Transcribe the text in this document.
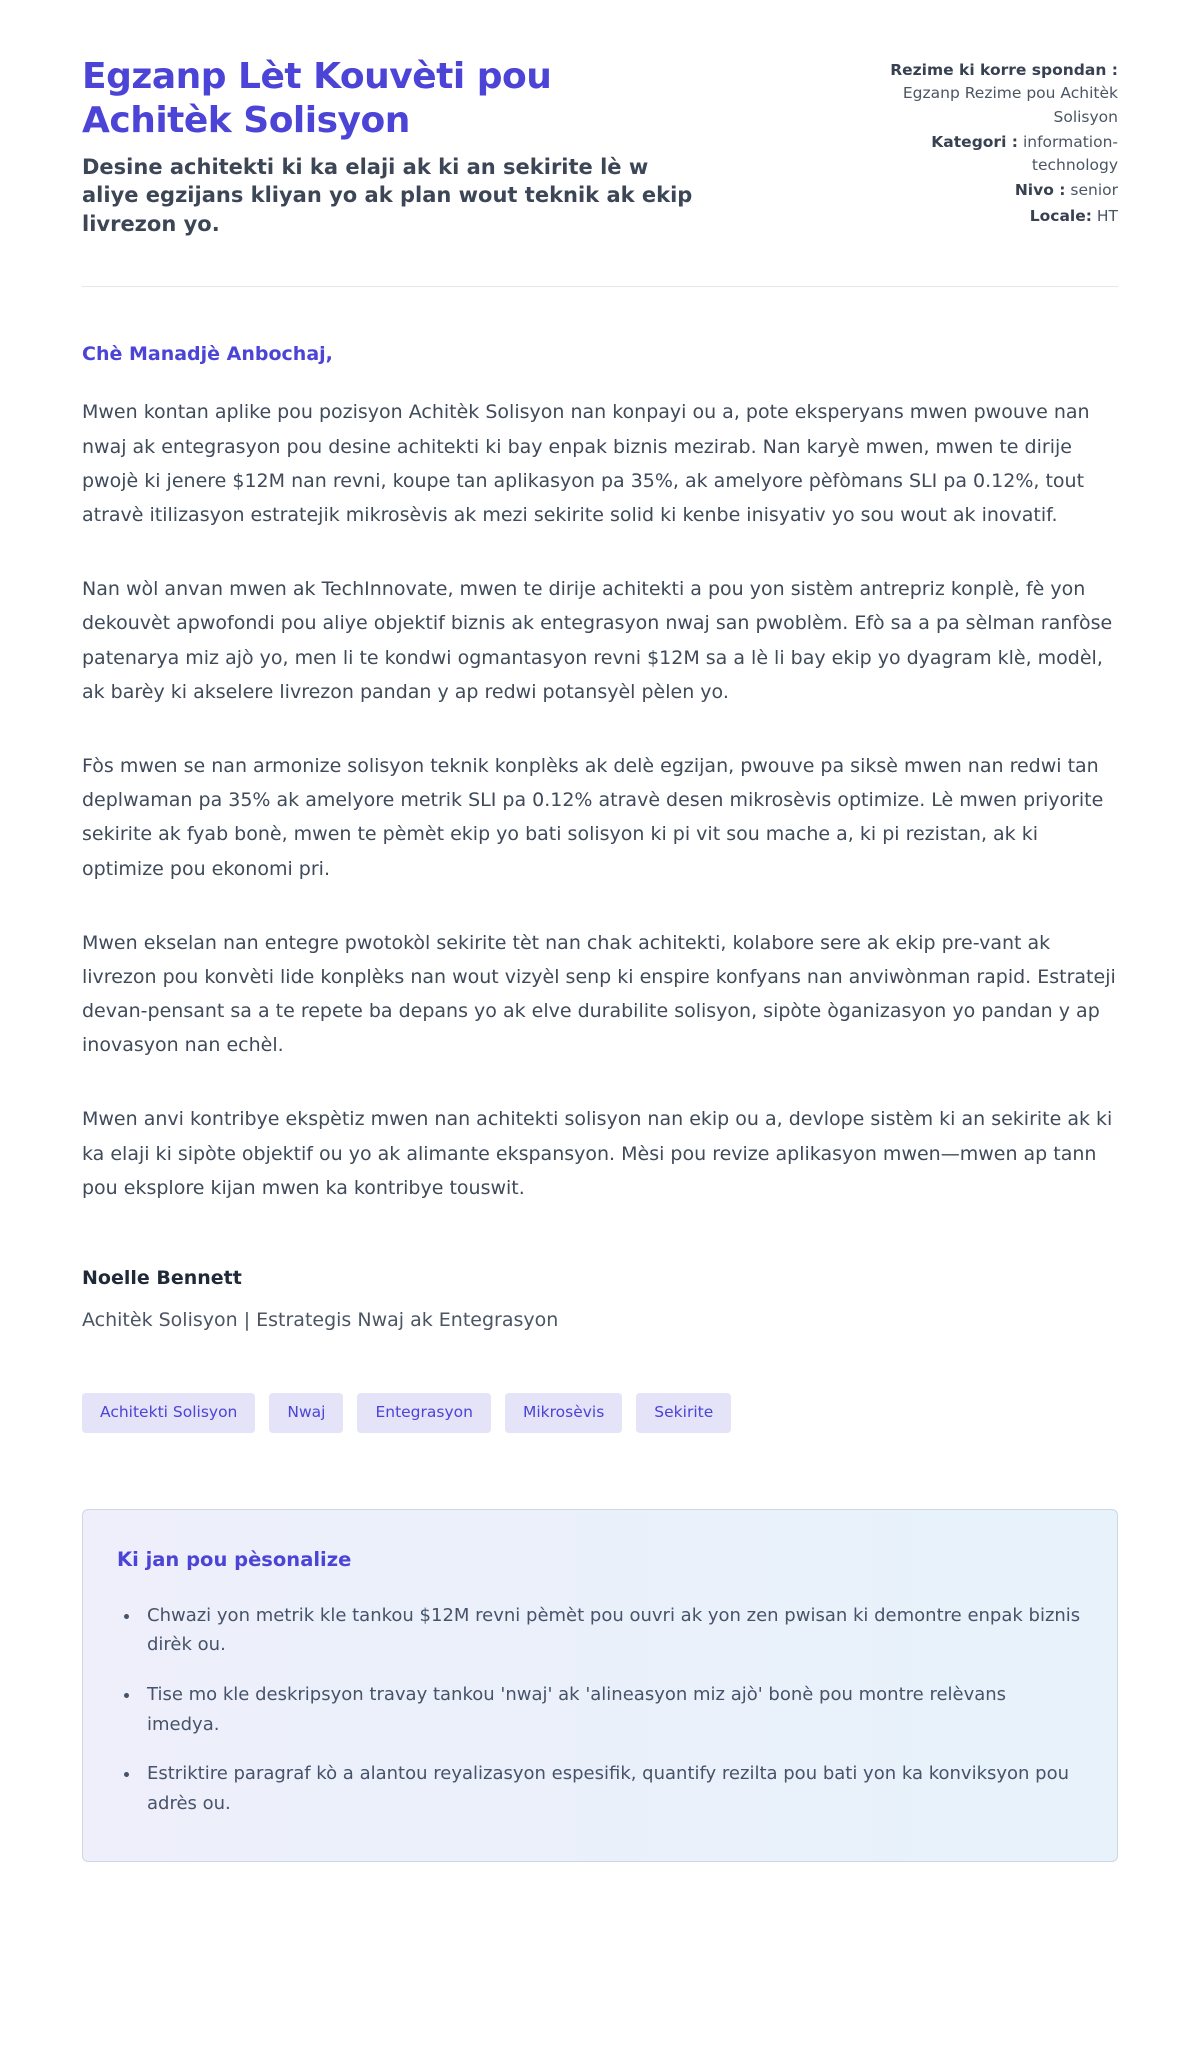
Egzanp Lèt Kouvèti pou Achitèk Solisyon

Desine achitekti ki ka elaji ak ki an sekirite lè w aliye egzijans kliyan yo ak plan wout teknik ak ekip livrezon yo.

Rezime ki korre spondan : Egzanp Rezime pou Achitèk Solisyon

Kategori : information-technology

Nivo : senior

Locale: HT

Chè Manadjè Anbochaj,

Mwen kontan aplike pou pozisyon Achitèk Solisyon nan konpayi ou a, pote eksperyans mwen pwouve nan nwaj ak entegrasyon pou desine achitekti ki bay enpak biznis mezirab. Nan karyè mwen, mwen te dirije pwojè ki jenere $12M nan revni, koupe tan aplikasyon pa 35%, ak amelyore pèfòmans SLI pa 0.12%, tout atravè itilizasyon estratejik mikrosèvis ak mezi sekirite solid ki kenbe inisyativ yo sou wout ak inovatif.

Nan wòl anvan mwen ak TechInnovate, mwen te dirije achitekti a pou yon sistèm antrepriz konplè, fè yon dekouvèt apwofondi pou aliye objektif biznis ak entegrasyon nwaj san pwoblèm. Efò sa a pa sèlman ranfòse patenarya miz ajò yo, men li te kondwi ogmantasyon revni $12M sa a lè li bay ekip yo dyagram klè, modèl, ak barèy ki akselere livrezon pandan y ap redwi potansyèl pèlen yo.

Fòs mwen se nan armonize solisyon teknik konplèks ak delè egzijan, pwouve pa siksè mwen nan redwi tan deplwaman pa 35% ak amelyore metrik SLI pa 0.12% atravè desen mikrosèvis optimize. Lè mwen priyorite sekirite ak fyab bonè, mwen te pèmèt ekip yo bati solisyon ki pi vit sou mache a, ki pi rezistan, ak ki optimize pou ekonomi pri.

Mwen ekselan nan entegre pwotokòl sekirite tèt nan chak achitekti, kolabore sere ak ekip pre-vant ak livrezon pou konvèti lide konplèks nan wout vizyèl senp ki enspire konfyans nan anviwònman rapid. Estrateji devan-pensant sa a te repete ba depans yo ak elve durabilite solisyon, sipòte òganizasyon yo pandan y ap inovasyon nan echèl.

Mwen anvi kontribye ekspètiz mwen nan achitekti solisyon nan ekip ou a, devlope sistèm ki an sekirite ak ki ka elaji ki sipòte objektif ou yo ak alimante ekspansyon. Mèsi pou revize aplikasyon mwen—mwen ap tann pou eksplore kijan mwen ka kontribye touswit.

Noelle Bennett

Achitèk Solisyon | Estrategis Nwaj ak Entegrasyon

Achitekti Solisyon	Nwaj	Entegrasyon	Mikrosèvis	Sekirite
Ki jan pou pèsonalize
• Chwazi yon metrik kle tankou $12M revni pèmèt pou ouvri ak yon zen pwisan ki demontre enpak biznis dirèk ou.
• Tise mo kle deskripsyon travay tankou 'nwaj' ak 'alineasyon miz ajò' bonè pou montre relèvans imedya.
• Estriktire paragraf kò a alantou reyalizasyon espesifik, quantify rezilta pou bati yon ka konviksyon pou adrès ou.
